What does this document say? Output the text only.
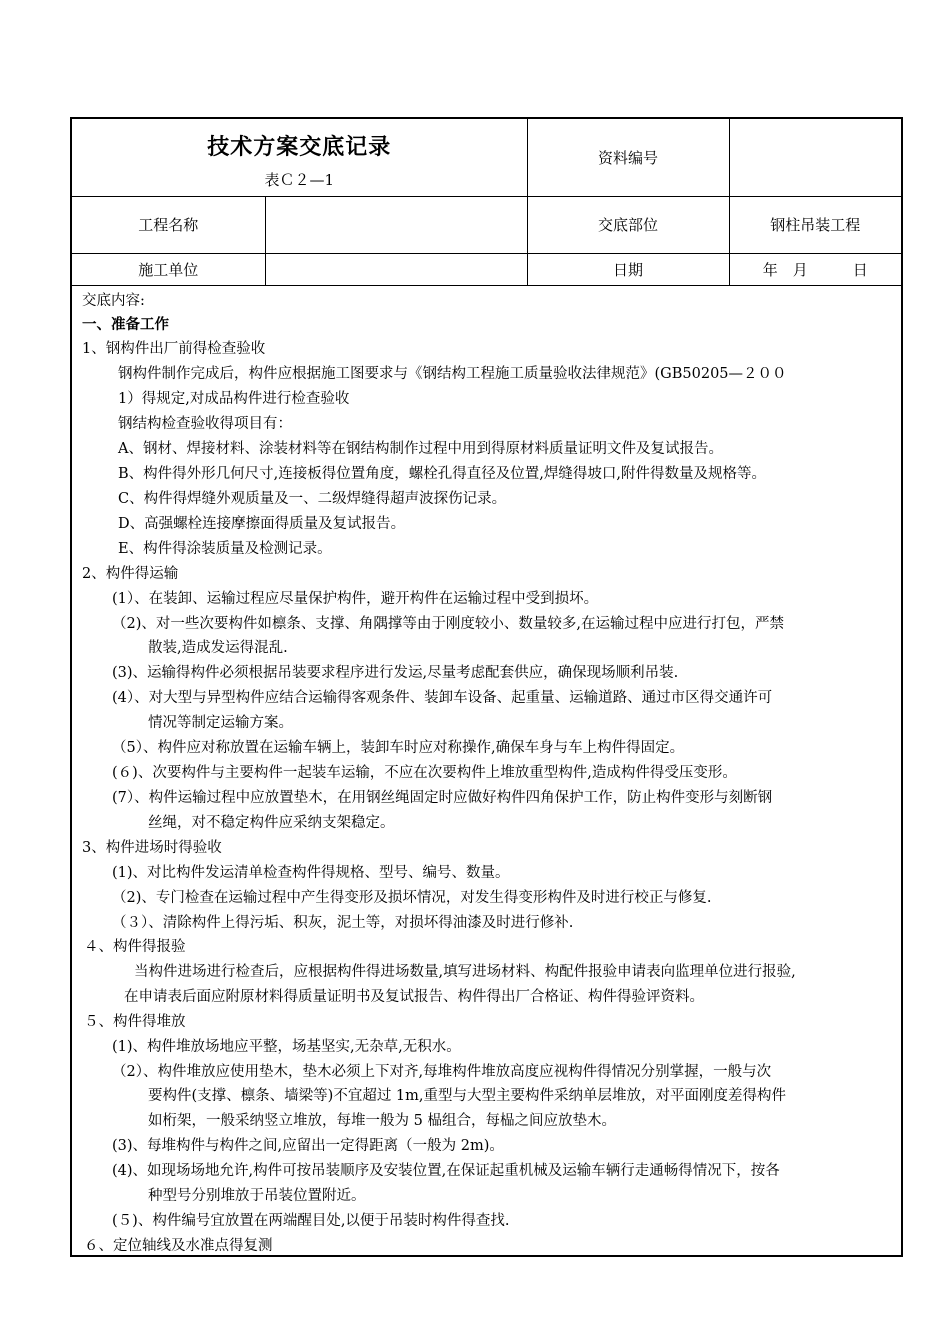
技术方案交底记录
表Ｃ２—1		资料编号	
工程名称		交底部位	钢柱吊装工程
施工单位		日期	年　月　　　日
交底内容:
一、准备工作
1、钢构件出厂前得检查验收
钢构件制作完成后，构件应根据施工图要求与《钢结构工程施工质量验收法律规范》(GB50205—２００
1）得规定,对成品构件进行检查验收
钢结构检查验收得项目有：
A、钢材、焊接材料、涂装材料等在钢结构制作过程中用到得原材料质量证明文件及复试报告。
B、构件得外形几何尺寸,连接板得位置角度，螺栓孔得直径及位置,焊缝得坡口,附件得数量及规格等。
C、构件得焊缝外观质量及一、二级焊缝得超声波探伤记录。
D、高强螺栓连接摩擦面得质量及复试报告。
E、构件得涂装质量及检测记录。
2、构件得运输
(1）、在装卸、运输过程应尽量保护构件，避开构件在运输过程中受到损坏。
（2)、对一些次要构件如檩条、支撑、角隅撑等由于刚度较小、数量较多,在运输过程中应进行打包，严禁
散装,造成发运得混乱.
(3)、运输得构件必须根据吊装要求程序进行发运,尽量考虑配套供应，确保现场顺利吊装.
(4）、对大型与异型构件应结合运输得客观条件、装卸车设备、起重量、运输道路、通过市区得交通许可
情况等制定运输方案。
（5）、构件应对称放置在运输车辆上，装卸车时应对称操作,确保车身与车上构件得固定。
(６)、次要构件与主要构件一起装车运输，不应在次要构件上堆放重型构件,造成构件得受压变形。
(7）、构件运输过程中应放置垫木，在用钢丝绳固定时应做好构件四角保护工作，防止构件变形与刻断钢
丝绳，对不稳定构件应采纳支架稳定。
3、构件进场时得验收
(1)、对比构件发运清单检查构件得规格、型号、编号、数量。
（2)、专门检查在运输过程中产生得变形及损坏情况，对发生得变形构件及时进行校正与修复.
（３）、清除构件上得污垢、积灰，泥土等，对损坏得油漆及时进行修补.
４、构件得报验
当构件进场进行检查后，应根据构件得进场数量,填写进场材料、构配件报验申请表向监理单位进行报验,
在申请表后面应附原材料得质量证明书及复试报告、构件得出厂合格证、构件得验评资料。
５、构件得堆放
(1)、构件堆放场地应平整，场基坚实,无杂草,无积水。
（2）、构件堆放应使用垫木，垫木必须上下对齐,每堆构件堆放高度应视构件得情况分别掌握，一般与次
要构件(支撑、檩条、墙梁等)不宜超过 1m,重型与大型主要构件采纳单层堆放，对平面刚度差得构件
如桁架，一般采纳竖立堆放，每堆一般为 5 榀组合，每榀之间应放垫木。
(3)、每堆构件与构件之间,应留出一定得距离（一般为 2m)。
(4)、如现场场地允许,构件可按吊装顺序及安装位置,在保证起重机械及运输车辆行走通畅得情况下，按各
种型号分别堆放于吊装位置附近。
(５)、构件编号宜放置在两端醒目处,以便于吊装时构件得查找.
６、定位轴线及水准点得复测
